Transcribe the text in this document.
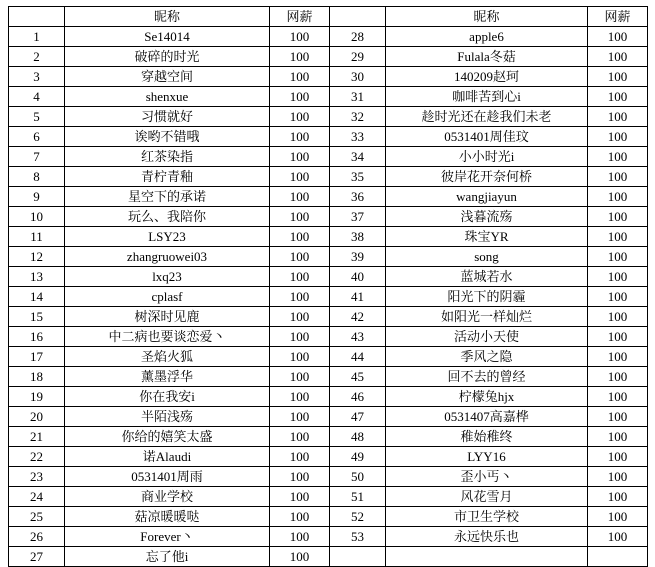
	昵称	网薪		昵称	网薪
1	Se14014	100	28	apple6	100
2	破碎的时光	100	29	Fulala冬菇	100
3	穿越空间	100	30	140209赵珂	100
4	shenxue	100	31	咖啡苦到心i	100
5	习惯就好	100	32	趁时光还在趁我们未老	100
6	诶哟不错哦	100	33	0531401周佳玟	100
7	红茶染指	100	34	小小时光i	100
8	青柠青釉	100	35	彼岸花开奈何桥	100
9	星空下的承诺	100	36	wangjiayun	100
10	玩么、我陪你	100	37	浅暮流殇	100
11	LSY23	100	38	珠宝YR	100
12	zhangruowei03	100	39	song	100
13	lxq23	100	40	蓝城若水	100
14	cplasf	100	41	阳光下的阴霾	100
15	树深时见鹿	100	42	如阳光一样灿烂	100
16	中二病也要谈恋爱丶	100	43	活动小天使	100
17	圣焰火狐	100	44	季风之隐	100
18	薰墨浮华	100	45	回不去的曾经	100
19	你在我安i	100	46	柠檬兔hjx	100
20	半陌浅殇	100	47	0531407高嘉桦	100
21	你给的嬉笑太盛	100	48	稚始稚终	100
22	诺Alaudi	100	49	LYY16	100
23	0531401周雨	100	50	歪小丐丶	100
24	商业学校	100	51	风花雪月	100
25	菇凉暖暖哒	100	52	市卫生学校	100
26	Forever丶	100	53	永远快乐也	100
27	忘了他i	100			
